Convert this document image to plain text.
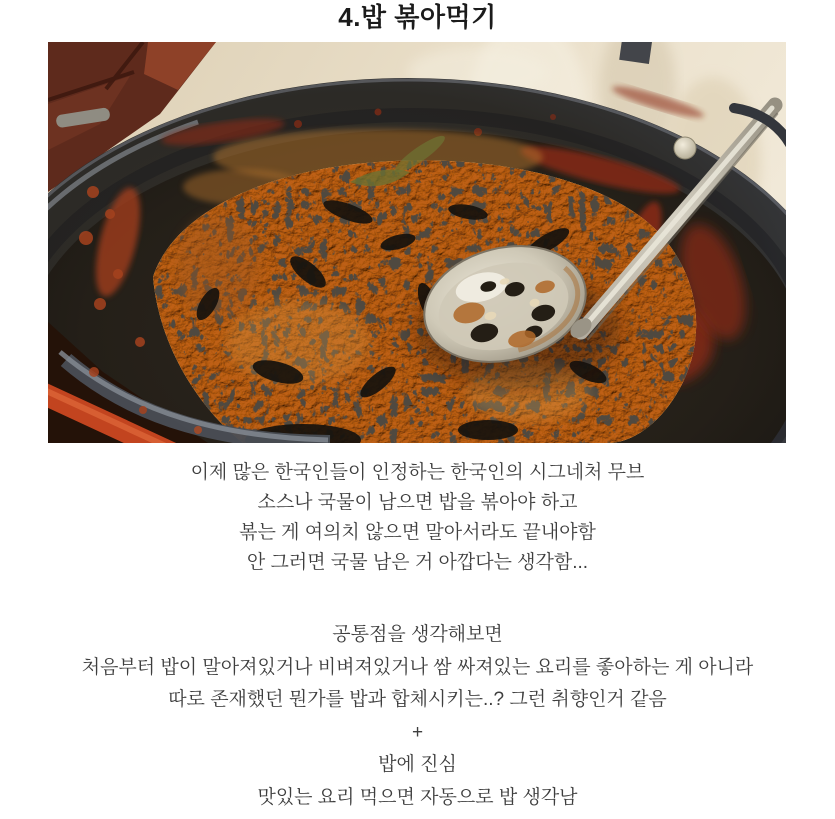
4.밥 볶아먹기
이제 많은 한국인들이 인정하는 한국인의 시그네처 무브
소스나 국물이 남으면 밥을 볶아야 하고
볶는 게 여의치 않으면 말아서라도 끝내야함
안 그러면 국물 남은 거 아깝다는 생각함...
공통점을 생각해보면
처음부터 밥이 말아져있거나 비벼져있거나 쌈 싸져있는 요리를 좋아하는 게 아니라
따로 존재했던 뭔가를 밥과 합체시키는..? 그런 취향인거 같음
+
밥에 진심
맛있는 요리 먹으면 자동으로 밥 생각남
